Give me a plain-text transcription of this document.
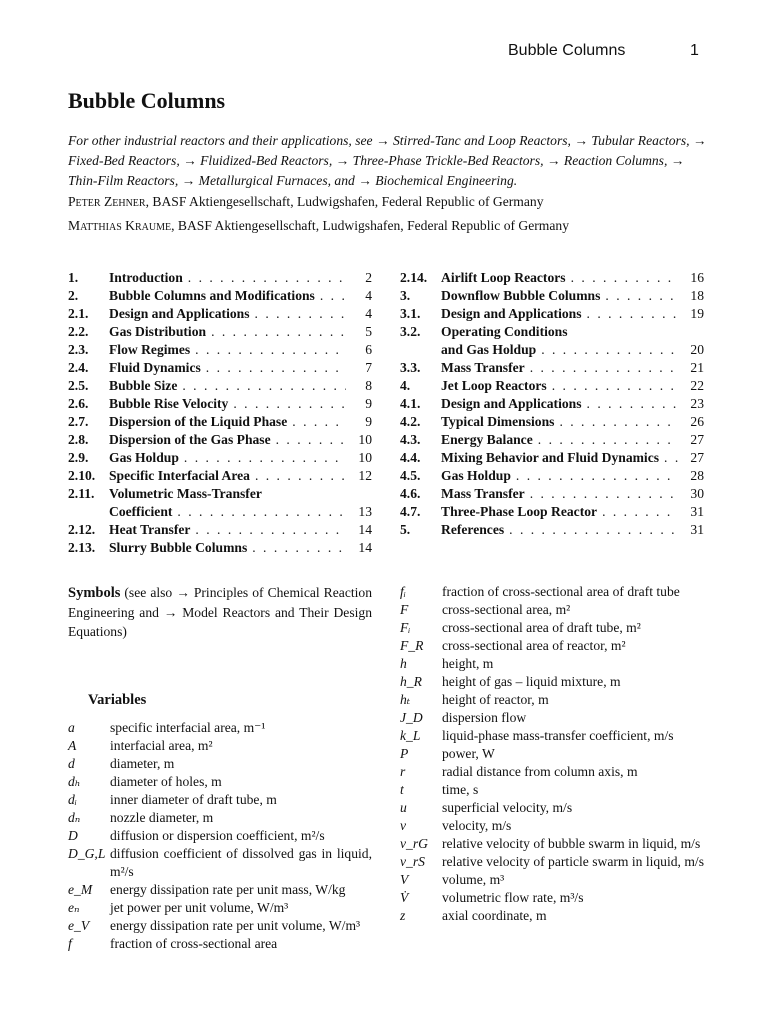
Bubble Columns	1
Bubble Columns

For other industrial reactors and their applications, see → Stirred-Tanc and Loop Reactors, → Tubular Reactors, → Fixed-Bed Reactors, → Fluidized-Bed Reactors, → Three-Phase Trickle-Bed Reactors, → Reaction Columns, → Thin-Film Reactors, → Metallurgical Furnaces, and → Biochemical Engineering.

Peter Zehner, BASF Aktiengesellschaft, Ludwigshafen, Federal Republic of Germany

Matthias Kraume, BASF Aktiengesellschaft, Ludwigshafen, Federal Republic of Germany

1.	Introduction . . .	2
2.	Bubble Columns and Modifications . . .	4
2.1.	Design and Applications . . .	4
2.2.	Gas Distribution . . .	5
2.3.	Flow Regimes . . .	6
2.4.	Fluid Dynamics . . .	7
2.5.	Bubble Size . . .	8
2.6.	Bubble Rise Velocity . . .	9
2.7.	Dispersion of the Liquid Phase . . .	9
2.8.	Dispersion of the Gas Phase . . .	10
2.9.	Gas Holdup . . .	10
2.10.	Specific Interfacial Area . . .	12
2.11.	Volumetric Mass-Transfer
Coefficient . . .	13
2.12.	Heat Transfer . . .	14
2.13.	Slurry Bubble Columns . . .	14
2.14.	Airlift Loop Reactors . . .	16
3.	Downflow Bubble Columns . . .	18
3.1.	Design and Applications . . .	19
3.2.	Operating Conditions
and Gas Holdup . . .	20
3.3.	Mass Transfer . . .	21
4.	Jet Loop Reactors . . .	22
4.1.	Design and Applications . . .	23
4.2.	Typical Dimensions . . .	26
4.3.	Energy Balance . . .	27
4.4.	Mixing Behavior and Fluid Dynamics . . .	27
4.5.	Gas Holdup . . .	28
4.6.	Mass Transfer . . .	30
4.7.	Three-Phase Loop Reactor . . .	31
5.	References . . .	31

Symbols (see also → Principles of Chemical Reaction Engineering and → Model Reactors and Their Design Equations)

Variables

a	specific interfacial area, m⁻¹
A	interfacial area, m²
d	diameter, m
dₕ	diameter of holes, m
dᵢ	inner diameter of draft tube, m
dₙ	nozzle diameter, m
D	diffusion or dispersion coefficient, m²/s
D_G,L diffusion coefficient of dissolved gas in liquid, m²/s
e_M	energy dissipation rate per unit mass, W/kg
eₙ	jet power per unit volume, W/m³
e_V	energy dissipation rate per unit volume, W/m³
f	fraction of cross-sectional area
fᵢ	fraction of cross-sectional area of draft tube
F	cross-sectional area, m²
Fᵢ	cross-sectional area of draft tube, m²
F_R	cross-sectional area of reactor, m²
h	height, m
h_R	height of gas – liquid mixture, m
hₜ	height of reactor, m
J_D	dispersion flow
k_L	liquid-phase mass-transfer coefficient, m/s
P	power, W
r	radial distance from column axis, m
t	time, s
u	superficial velocity, m/s
v	velocity, m/s
v_rG	relative velocity of bubble swarm in liquid, m/s
v_rS	relative velocity of particle swarm in liquid, m/s
V	volume, m³
V̇	volumetric flow rate, m³/s
z	axial coordinate, m
